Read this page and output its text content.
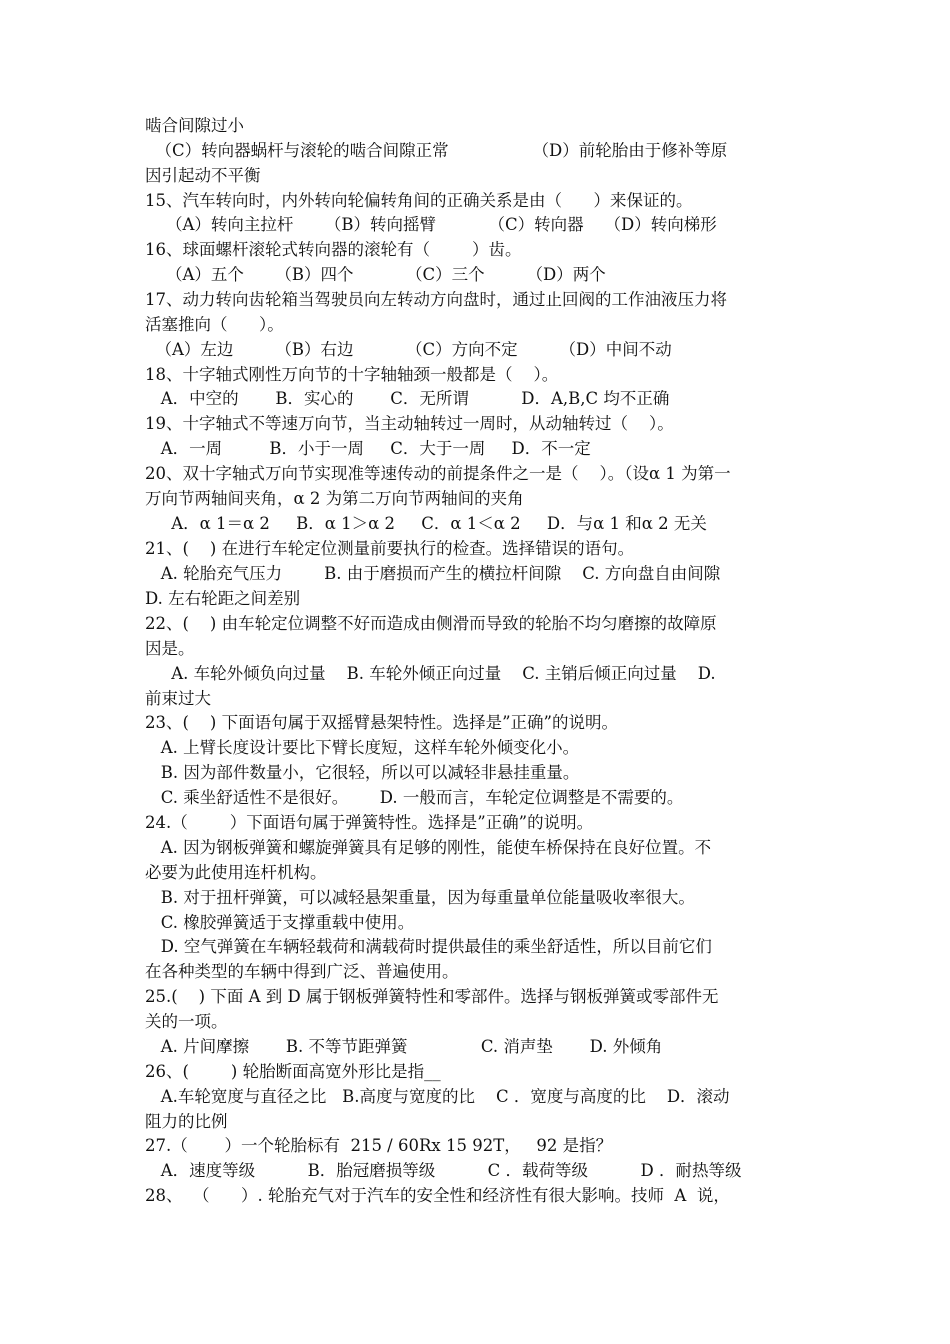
啮合间隙过小
（C）转向器蜗杆与滚轮的啮合间隙正常                （D）前轮胎由于修补等原
因引起动不平衡
15、汽车转向时，内外转向轮偏转角间的正确关系是由（      ）来保证的。
（A）转向主拉杆      （B）转向摇臂          （C）转向器    （D）转向梯形
16、球面螺杆滚轮式转向器的滚轮有（        ）齿。
（A）五个      （B）四个          （C）三个        （D）两个
17、动力转向齿轮箱当驾驶员向左转动方向盘时，通过止回阀的工作油液压力将
活塞推向（      ）。
（A）左边        （B）右边          （C）方向不定        （D）中间不动
18、十字轴式刚性万向节的十字轴轴颈一般都是（    ）。
A．中空的       B．实心的       C．无所谓          D．A,B,C 均不正确
19、十字轴式不等速万向节，当主动轴转过一周时，从动轴转过（    ）。
A．一周         B．小于一周     C．大于一周     D．不一定
20、双十字轴式万向节实现准等速传动的前提条件之一是（    ）。（设α 1 为第一
万向节两轴间夹角，α 2 为第二万向节两轴间的夹角
A．α 1＝α 2     B．α 1＞α 2     C．α 1＜α 2     D．与α 1 和α 2 无关
21、(    ) 在进行车轮定位测量前要执行的检查。选择错误的语句。
A. 轮胎充气压力        B. 由于磨损而产生的横拉杆间隙    C. 方向盘自由间隙
D. 左右轮距之间差别
22、(    ) 由车轮定位调整不好而造成由侧滑而导致的轮胎不均匀磨擦的故障原
因是。
A. 车轮外倾负向过量    B. 车轮外倾正向过量    C. 主销后倾正向过量    D.
前束过大
23、(    ) 下面语句属于双摇臂悬架特性。选择是”正确”的说明。
A. 上臂长度设计要比下臂长度短，这样车轮外倾变化小。
B. 因为部件数量小，它很轻，所以可以减轻非悬挂重量。
C. 乘坐舒适性不是很好。      D. 一般而言，车轮定位调整是不需要的。
24.（        ）下面语句属于弹簧特性。选择是”正确”的说明。
A. 因为钢板弹簧和螺旋弹簧具有足够的刚性，能使车桥保持在良好位置。不
必要为此使用连杆机构。
B. 对于扭杆弹簧，可以减轻悬架重量，因为每重量单位能量吸收率很大。
C. 橡胶弹簧适于支撑重载中使用。
D. 空气弹簧在车辆轻载荷和满载荷时提供最佳的乘坐舒适性，所以目前它们
在各种类型的车辆中得到广泛、普遍使用。
25.(    ) 下面 A 到 D 属于钢板弹簧特性和零部件。选择与钢板弹簧或零部件无
关的一项。
A. 片间摩擦       B. 不等节距弹簧              C. 消声垫       D. 外倾角
26、(        ) 轮胎断面高宽外形比是指__
A.车轮宽度与直径之比   B.高度与宽度的比    C ．宽度与高度的比    D．滚动
阻力的比例
27.（       ）一个轮胎标有  215 / 60Rx 15 92T，   92 是指？
A．速度等级          B．胎冠磨损等级          C ．载荷等级          D ．耐热等级
28、  （      ）. 轮胎充气对于汽车的安全性和经济性有很大影响。技师  A  说，
